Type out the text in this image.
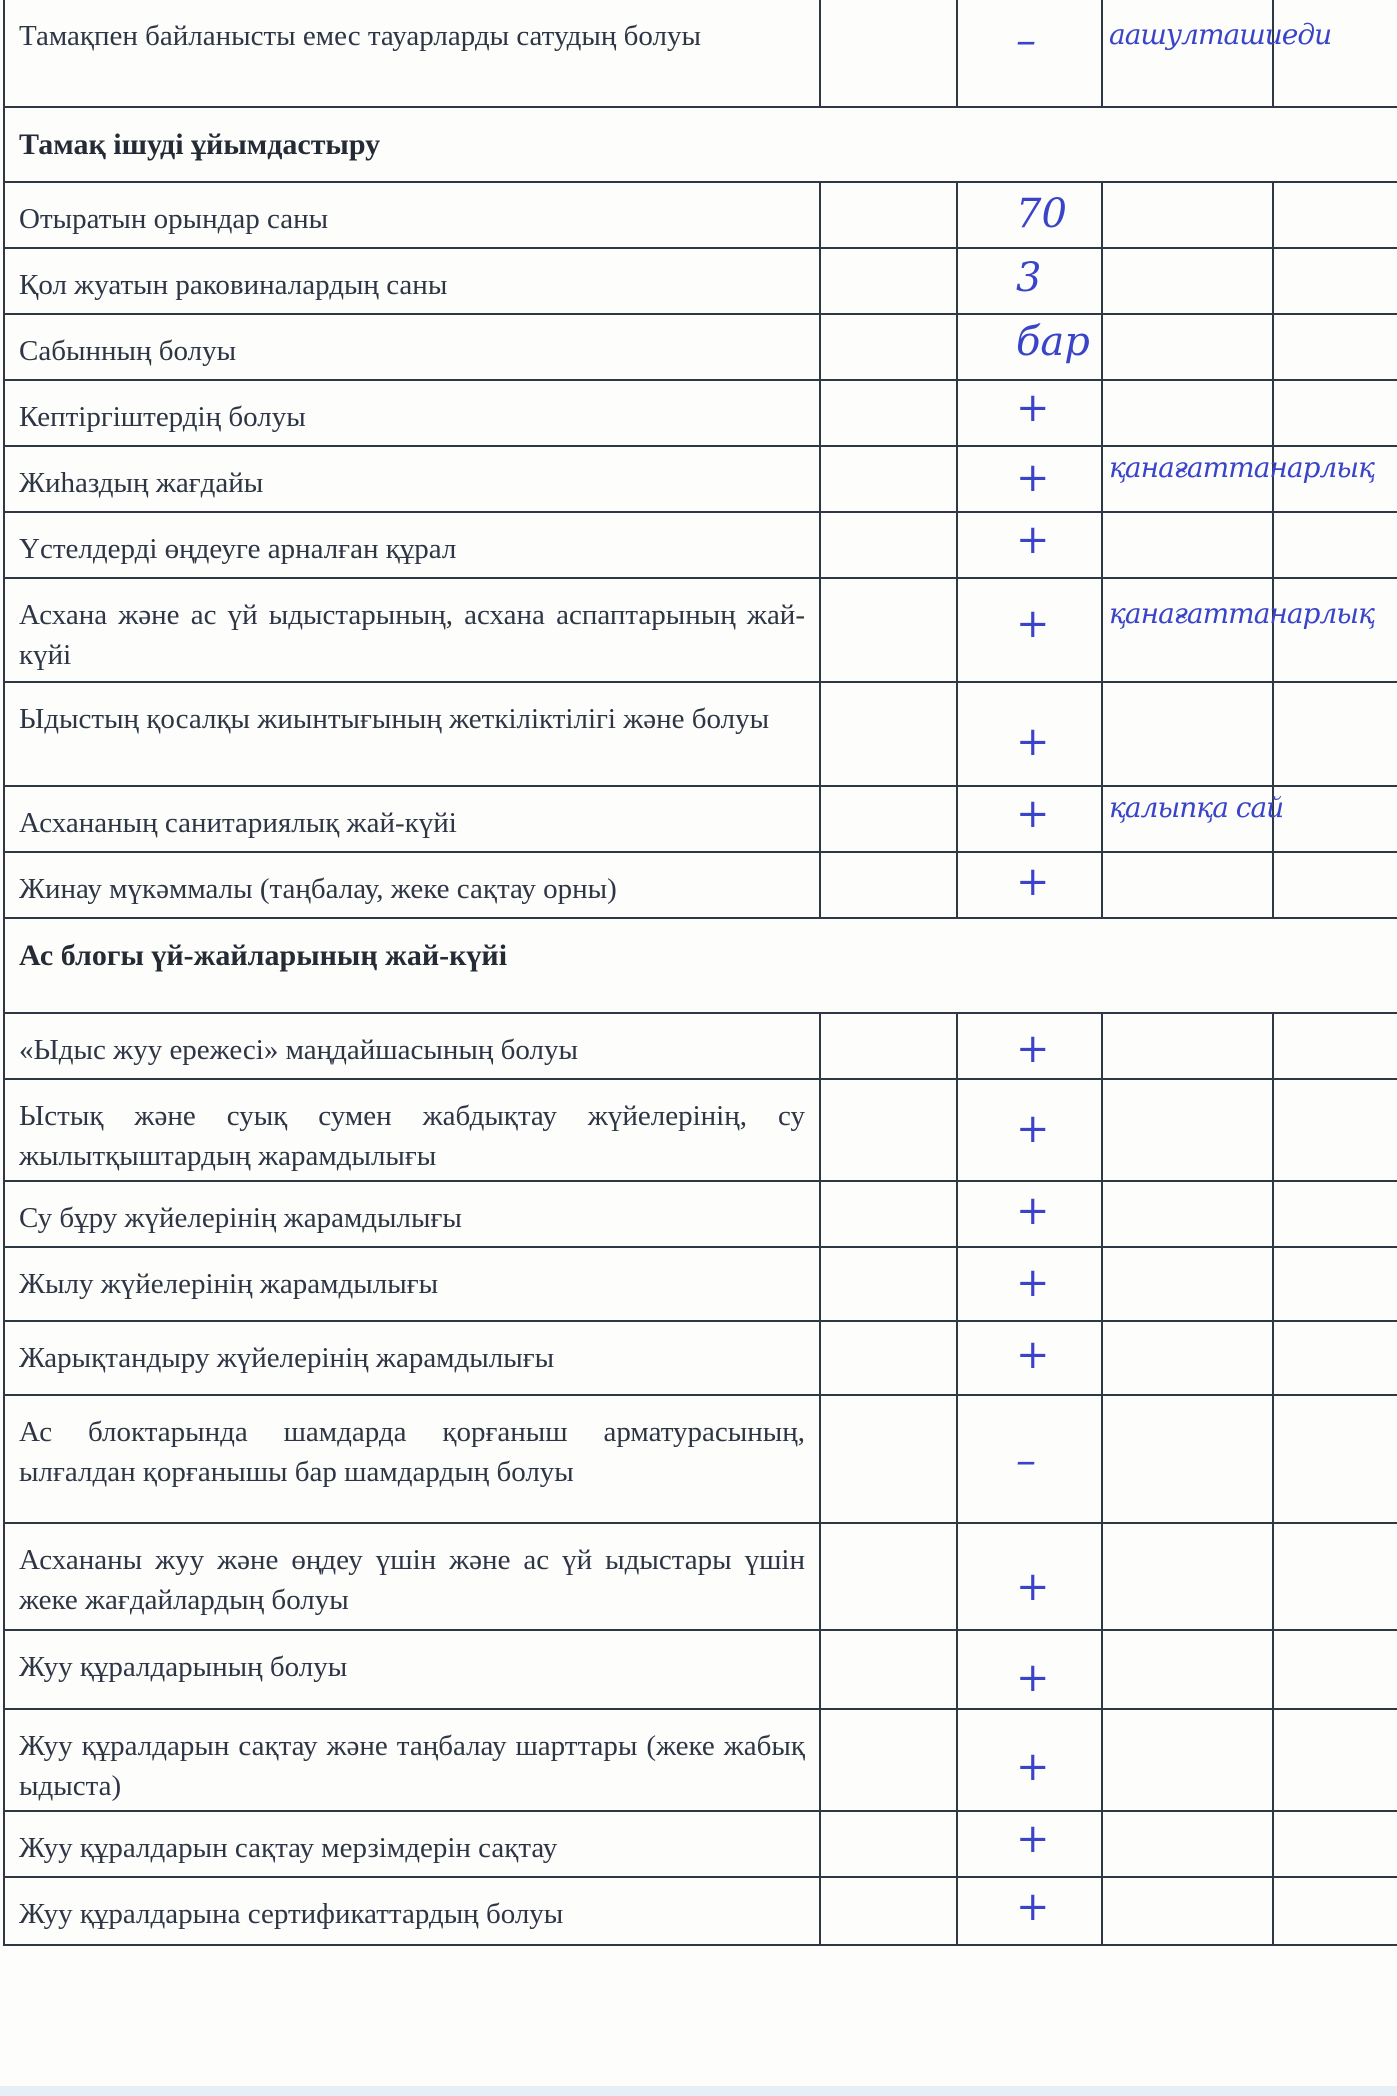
Тамақпен байланысты емес тауарларды сатудың болуы		–	аашулташиеди	

Тамақ ішуді ұйымдастыру				
Отыратын орындар саны		70		

Қол жуатын раковиналардың саны		3		

Сабынның болуы		бар		

Кептіргіштердің болуы		+		

Жиһаздың жағдайы		+	қанағаттанарлық	

Үстелдерді өңдеуге арналған құрал		+		

Асхана және ас үй ыдыстарының, асхана аспаптарының жай-күйі		+	қанағаттанарлық	

Ыдыстың қосалқы жиынтығының жеткіліктілігі және болуы		+		

Асхананың санитариялық жай-күйі		+	қалыпқа сай	

Жинау мүкәммалы (таңбалау, жеке сақтау орны)		+		

Ас блогы үй-жайларының жай-күйі				
«Ыдыс жуу ережесі» маңдайшасының болуы		+		

Ыстық және суық сумен жабдықтау жүйелерінің, су жылытқыштардың жарамдылығы		+		

Су бұру жүйелерінің жарамдылығы		+		

Жылу жүйелерінің жарамдылығы		+		

Жарықтандыру жүйелерінің жарамдылығы		+		

Ас блоктарында шамдарда қорғаныш арматурасының, ылғалдан қорғанышы бар шамдардың болуы		–		

Асхананы жуу және өңдеу үшін және ас үй ыдыстары үшін жеке жағдайлардың болуы		+		

Жуу құралдарының болуы		+		

Жуу құралдарын сақтау және таңбалау шарттары (жеке жабық ыдыста)		+		

Жуу құралдарын сақтау мерзімдерін сақтау		+		

Жуу құралдарына сертификаттардың болуы		+		
